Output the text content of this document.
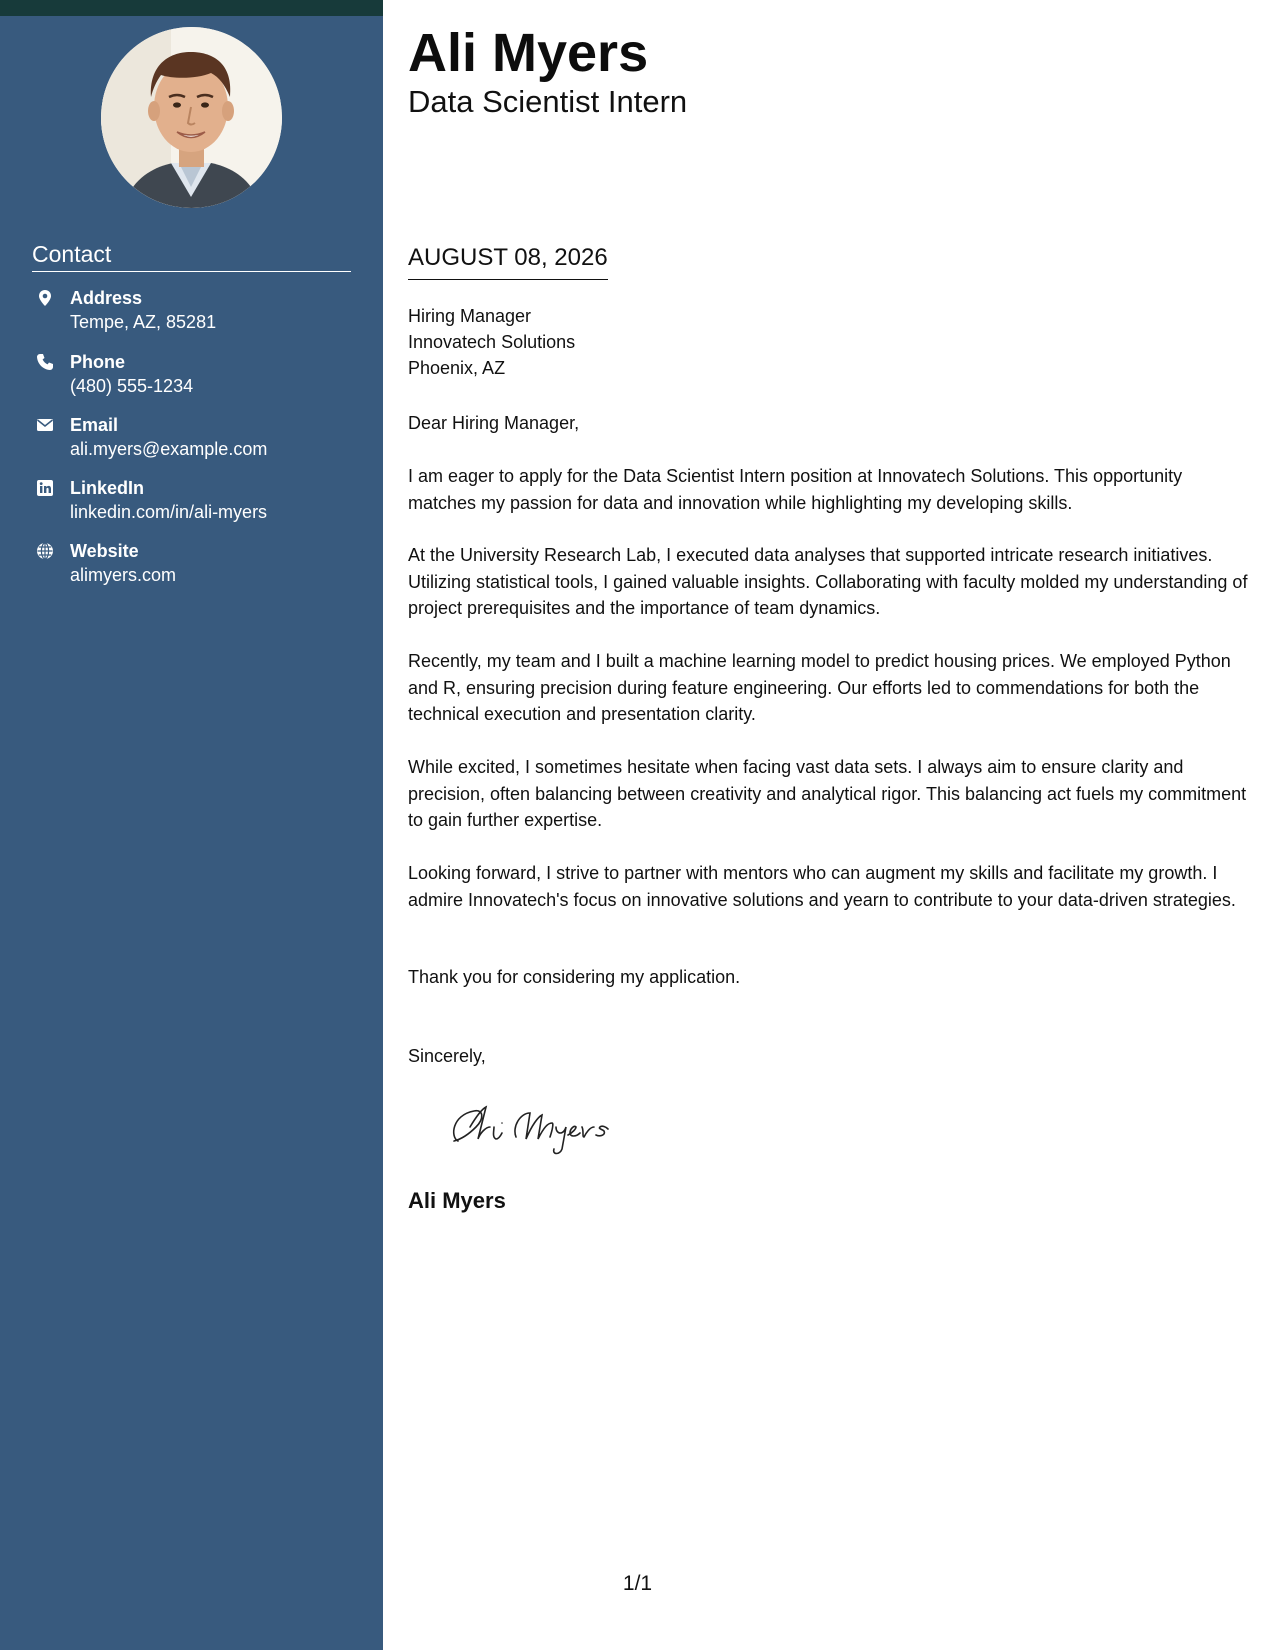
Contact
Address
Tempe, AZ, 85281
Phone
(480) 555-1234
Email
ali.myers@example.com
LinkedIn
linkedin.com/in/ali-myers
Website
alimyers.com
Ali Myers
Data Scientist Intern
AUGUST 08, 2026
Hiring Manager
Innovatech Solutions
Phoenix, AZ
Dear Hiring Manager,
I am eager to apply for the Data Scientist Intern position at Innovatech Solutions. This opportunity matches my passion for data and innovation while highlighting my developing skills.
At the University Research Lab, I executed data analyses that supported intricate research initiatives. Utilizing statistical tools, I gained valuable insights. Collaborating with faculty molded my understanding of project prerequisites and the importance of team dynamics.
Recently, my team and I built a machine learning model to predict housing prices. We employed Python and R, ensuring precision during feature engineering. Our efforts led to commendations for both the technical execution and presentation clarity.
While excited, I sometimes hesitate when facing vast data sets. I always aim to ensure clarity and precision, often balancing between creativity and analytical rigor. This balancing act fuels my commitment to gain further expertise.
Looking forward, I strive to partner with mentors who can augment my skills and facilitate my growth. I admire Innovatech's focus on innovative solutions and yearn to contribute to your data-driven strategies.
Thank you for considering my application.
Sincerely,
Ali Myers
1/1
